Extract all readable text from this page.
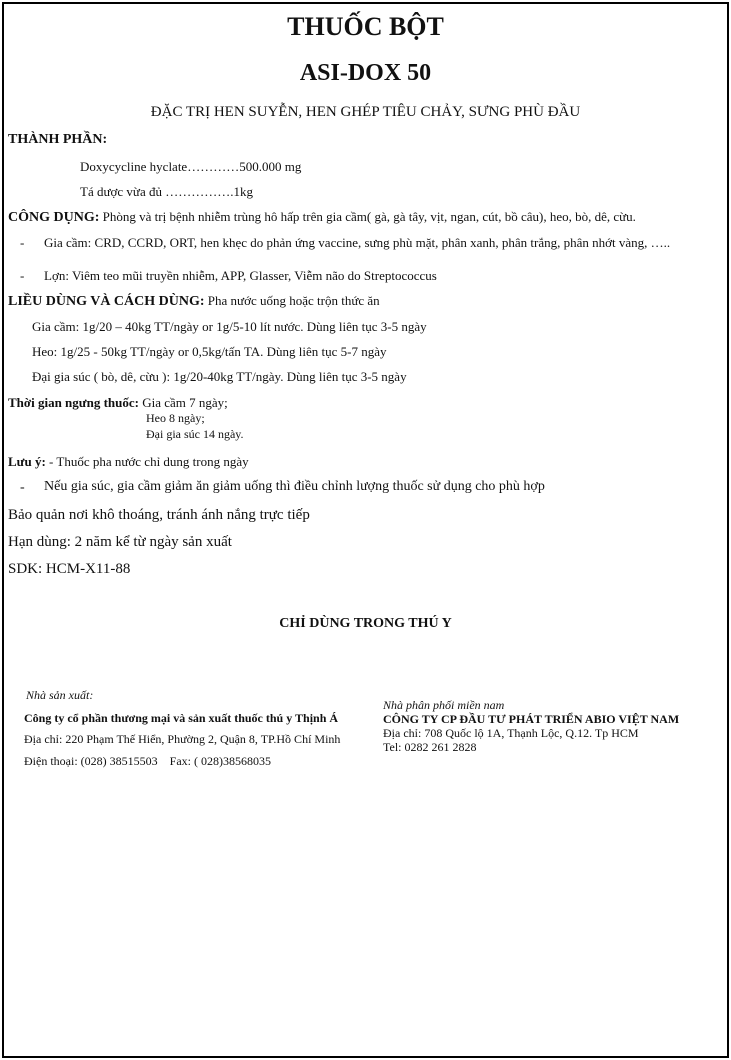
THUỐC BỘT
ASI-DOX 50
ĐẶC TRỊ HEN SUYỄN, HEN GHÉP TIÊU CHẢY, SƯNG PHÙ ĐẦU
THÀNH PHẦN:
Doxycycline hyclate…………500.000 mg
Tá dược vừa đủ …………….1kg
CÔNG DỤNG: Phòng và trị bệnh nhiễm trùng hô hấp trên gia cầm( gà, gà tây, vịt, ngan, cút, bồ câu), heo, bò, dê, cừu.
- Gia cầm: CRD, CCRD, ORT, hen khẹc do phản ứng vaccine, sưng phù mặt, phân xanh, phân trắng, phân nhớt vàng, …..
- Lợn: Viêm teo mũi truyền nhiễm, APP, Glasser, Viễm não do Streptococcus
LIỀU DÙNG VÀ CÁCH DÙNG: Pha nước uống hoặc trộn thức ăn
Gia cầm: 1g/20 – 40kg TT/ngày or 1g/5-10 lít nước. Dùng liên tục 3-5 ngày
Heo: 1g/25 - 50kg TT/ngày or 0,5kg/tấn TA. Dùng liên tục 5-7 ngày
Đại gia súc ( bò, dê, cừu ): 1g/20-40kg TT/ngày. Dùng liên tục 3-5 ngày
Thời gian ngưng thuốc: Gia cầm 7 ngày;
Heo 8 ngày;
Đại gia súc 14 ngày.
Lưu ý: - Thuốc pha nước chỉ dung trong ngày
- Nếu gia súc, gia cầm giảm ăn giảm uống thì điều chỉnh lượng thuốc sử dụng cho phù hợp
Bảo quản nơi khô thoáng, tránh ánh nắng trực tiếp
Hạn dùng: 2 năm kể từ ngày sản xuất
SDK: HCM-X11-88
CHỈ DÙNG TRONG THÚ Y
Nhà sản xuất:
Công ty cổ phần thương mại và sản xuất thuốc thú y Thịnh Á
Địa chỉ: 220 Phạm Thế Hiển, Phường 2, Quận 8, TP.Hồ Chí Minh
Điện thoại: (028) 38515503    Fax: ( 028)38568035
Nhà phân phối miền nam
CÔNG TY CP ĐẦU TƯ PHÁT TRIỂN ABIO VIỆT NAM
Địa chỉ: 708 Quốc lộ 1A, Thạnh Lộc, Q.12. Tp HCM
Tel: 0282 261 2828
